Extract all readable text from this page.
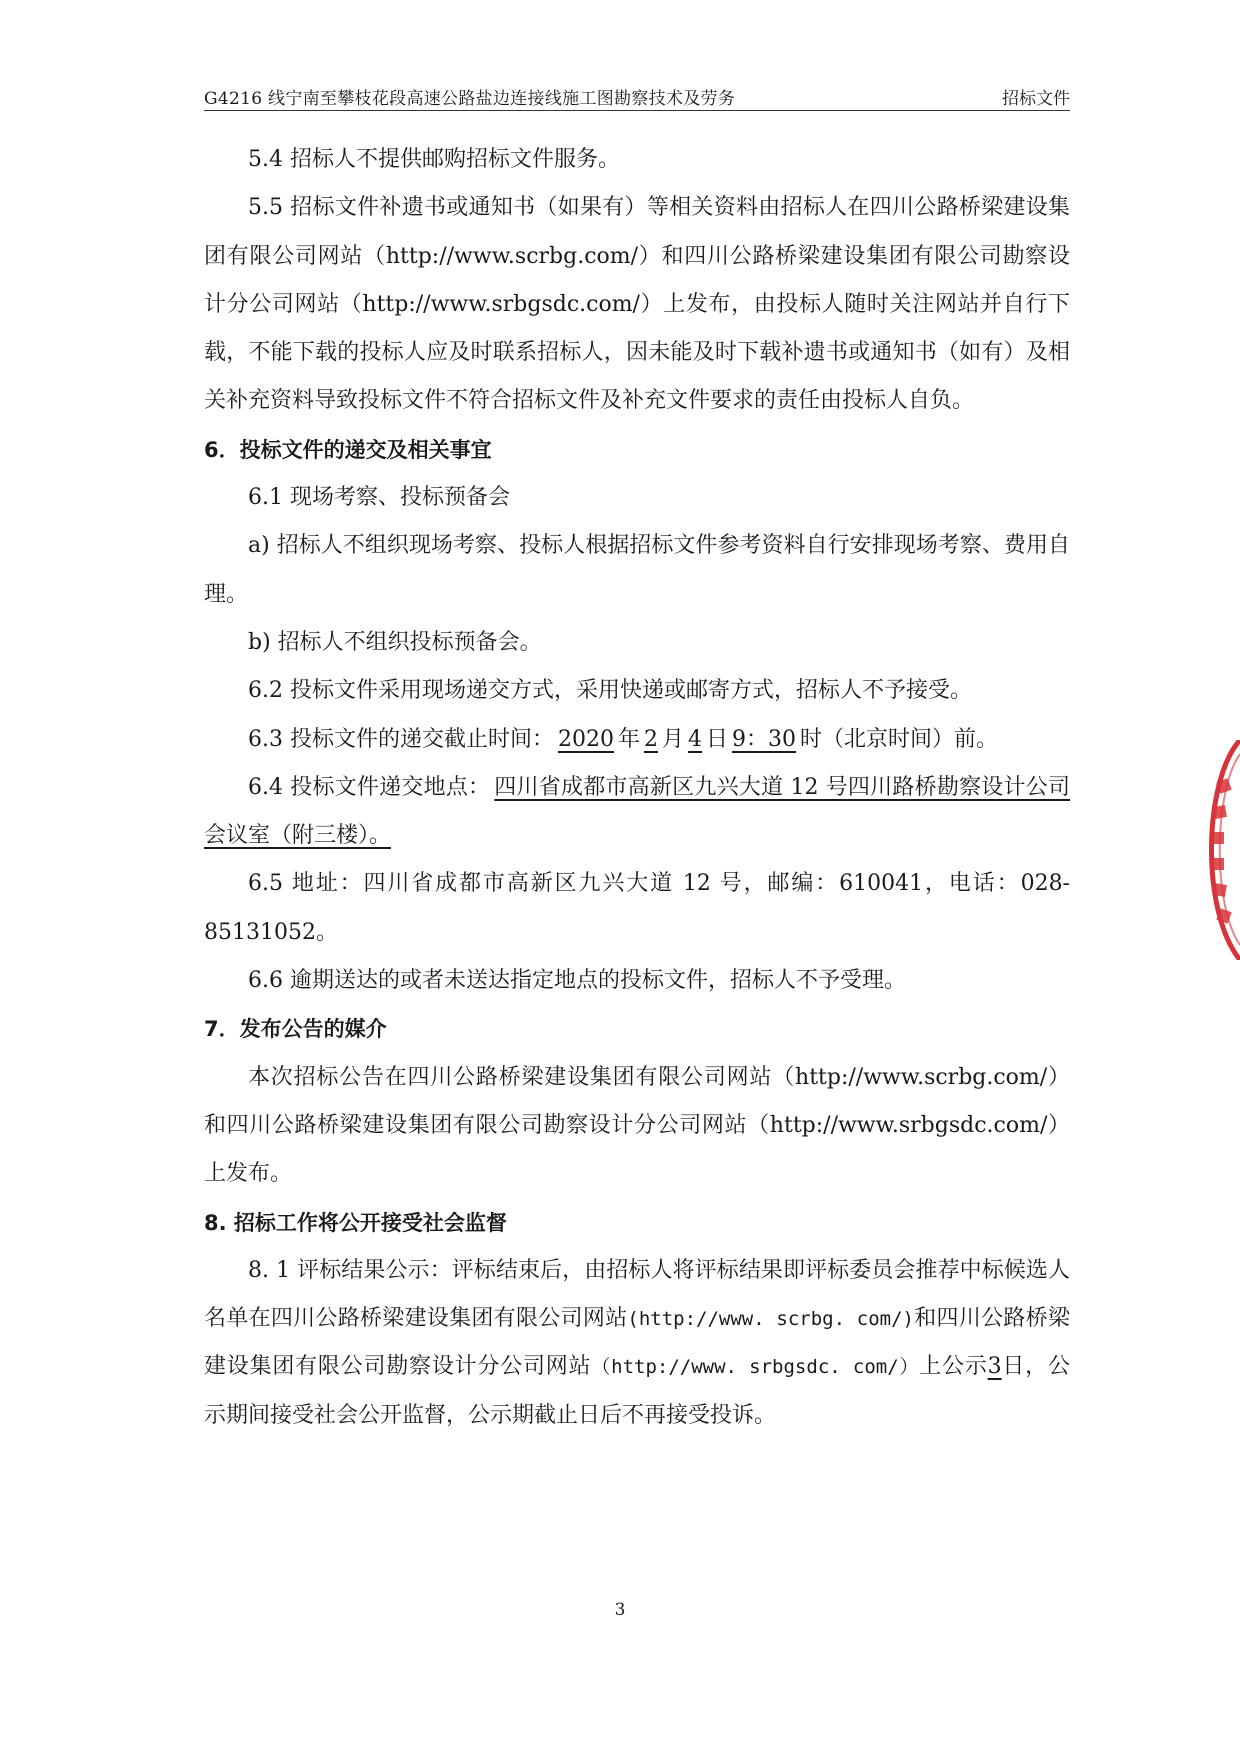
G4216 线宁南至攀枝花段高速公路盐边连接线施工图勘察技术及劳务	招标文件

5.4 招标人不提供邮购招标文件服务。

5.5 招标文件补遗书或通知书（如果有）等相关资料由招标人在四川公路桥梁建设集团有限公司网站（http://www.scrbg.com/）和四川公路桥梁建设集团有限公司勘察设计分公司网站（http://www.srbgsdc.com/）上发布，由投标人随时关注网站并自行下载，不能下载的投标人应及时联系招标人，因未能及时下载补遗书或通知书（如有）及相关补充资料导致投标文件不符合招标文件及补充文件要求的责任由投标人自负。

6．投标文件的递交及相关事宜

6.1 现场考察、投标预备会

a) 招标人不组织现场考察、投标人根据招标文件参考资料自行安排现场考察、费用自理。

b) 招标人不组织投标预备会。

6.2 投标文件采用现场递交方式，采用快递或邮寄方式，招标人不予接受。

6.3 投标文件的递交截止时间： 2020 年 2 月 4 日 9：30 时（北京时间）前。

6.4 投标文件递交地点： 四川省成都市高新区九兴大道 12 号四川路桥勘察设计公司会议室（附三楼）。

6.5 地址：四川省成都市高新区九兴大道 12 号，邮编：610041，电话：028-85131052。

6.6 逾期送达的或者未送达指定地点的投标文件，招标人不予受理。

7．发布公告的媒介

本次招标公告在四川公路桥梁建设集团有限公司网站（http://www.scrbg.com/）和四川公路桥梁建设集团有限公司勘察设计分公司网站（http://www.srbgsdc.com/）上发布。

8. 招标工作将公开接受社会监督

8. 1 评标结果公示：评标结束后，由招标人将评标结果即评标委员会推荐中标候选人名单在四川公路桥梁建设集团有限公司网站(http://www. scrbg. com/)和四川公路桥梁建设集团有限公司勘察设计分公司网站（http://www. srbgsdc. com/）上公示3日，公示期间接受社会公开监督，公示期截止日后不再接受投诉。

3
